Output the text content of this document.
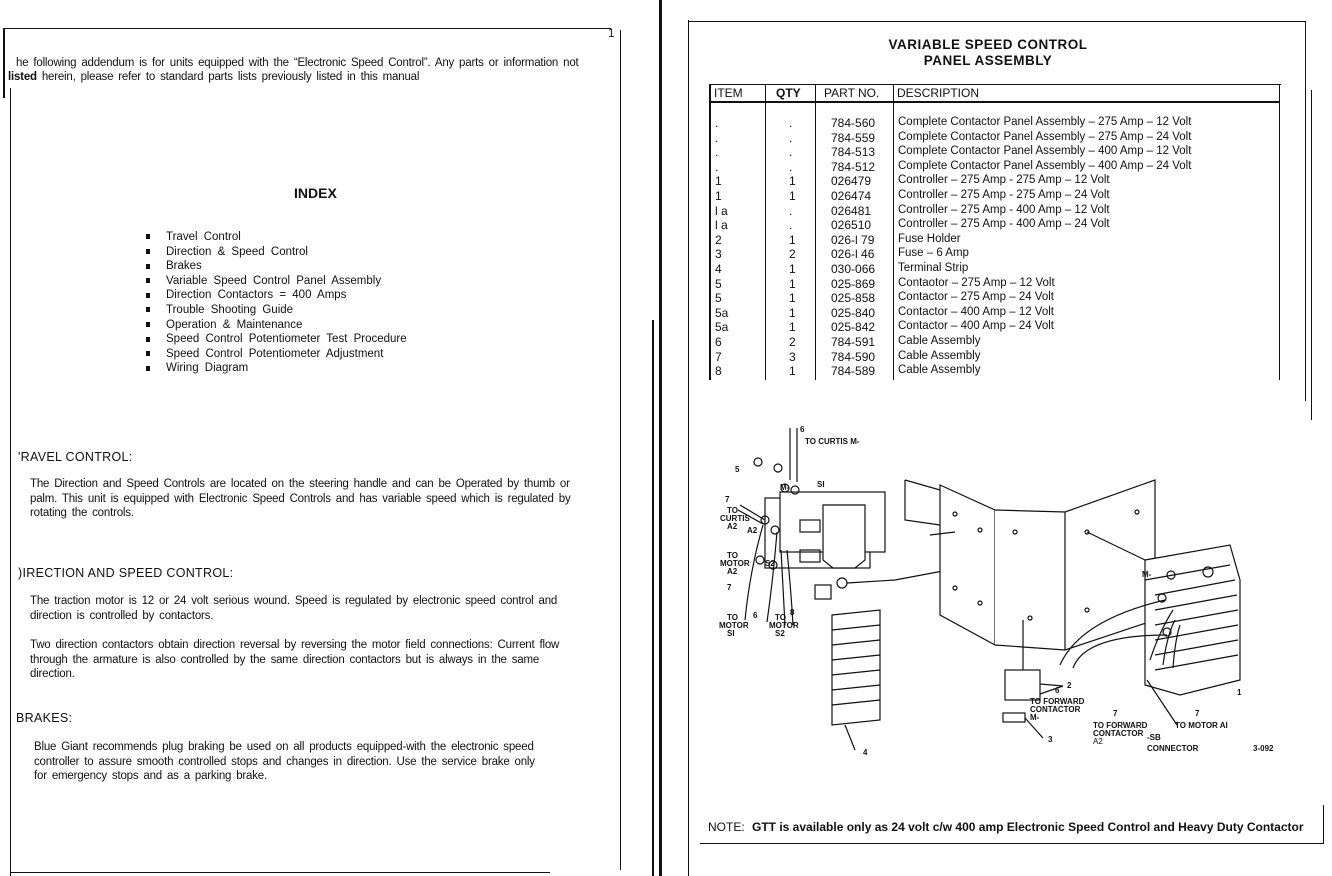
1
he following addendum is for units equipped with the “Electronic Speed Control”. Any parts or information not
listed herein, please refer to standard parts lists previously listed in this manual
INDEX
Travel Control
Direction & Speed Control
Brakes
Variable Speed Control Panel Assembly
Direction Contactors = 400 Amps
Trouble Shooting Guide
Operation & Maintenance
Speed Control Potentiometer Test Procedure
Speed Control Potentiometer Adjustment
Wiring Diagram
'RAVEL CONTROL:
The Direction and Speed Controls are located on the steering handle and can be Operated by thumb or
palm. This unit is equipped with Electronic Speed Controls and has variable speed which is regulated by
rotating the controls.
)IRECTION AND SPEED CONTROL:
The traction motor is 12 or 24 volt serious wound. Speed is regulated by electronic speed control and
direction is controlled by contactors.
Two direction contactors obtain direction reversal by reversing the motor field connections: Current flow
through the armature is also controlled by the same direction contactors but is always in the same
direction.
BRAKES:
Blue Giant recommends plug braking be used on all products equipped-with the electronic speed
controller to assure smooth controlled stops and changes in direction. Use the service brake only
for emergency stops and as a parking brake.
VARIABLE SPEED CONTROL
PANEL ASSEMBLY
ITEM	QTY PART NO. DESCRIPTION
.	.	784-560 Complete Contactor Panel Assembly – 275 Amp – 12 Volt
.	.	784-559 Complete Contactor Panel Assembly – 275 Amp – 24 Volt
.	.	784-513 Complete Contactor Panel Assembly – 400 Amp – 12 Volt
.	.	784-512 Complete Contactor Panel Assembly – 400 Amp – 24 Volt
1	1	026479 Controller – 275 Amp - 275 Amp – 12 Volt
1	1	026474 Controller – 275 Amp - 275 Amp – 24 Volt
l a	.	026481 Controller – 275 Amp - 400 Amp – 12 Volt
l a	.	026510 Controller – 275 Amp - 400 Amp – 24 Volt
2	1	026-l 79 Fuse Holder
3	2	026-l 46 Fuse – 6 Amp
4	1	030-066 Terminal Strip
5	1	025-869 Contaotor – 275 Amp – 12 Volt
5	1	025-858 Contactor – 275 Amp – 24 Volt
5a	1	025-840 Contactor – 400 Amp – 12 Volt
5a	1	025-842 Contactor – 400 Amp – 24 Volt
6	2	784-591 Cable Assembly
7	3	784-590 Cable Assembly
8	1	784-589 Cable Assembly
6
TO CURTIS M-
5
M-	SI
7
TO
CURTIS
A2 A2
S2
TO
MOTOR
A2
7
TO
MOTOR
SI
6 TO
MOTOR
S2
8
4
2
3
6
TO FORWARD
CONTACTOR
M-	7
TO FORWARD
CONTACTOR
A2	-SB
CONNECTOR
7
TO MOTOR AI
M-
1
3-092
NOTE: GTT is available only as 24 volt c/w 400 amp Electronic Speed Control and Heavy Duty Contactor
